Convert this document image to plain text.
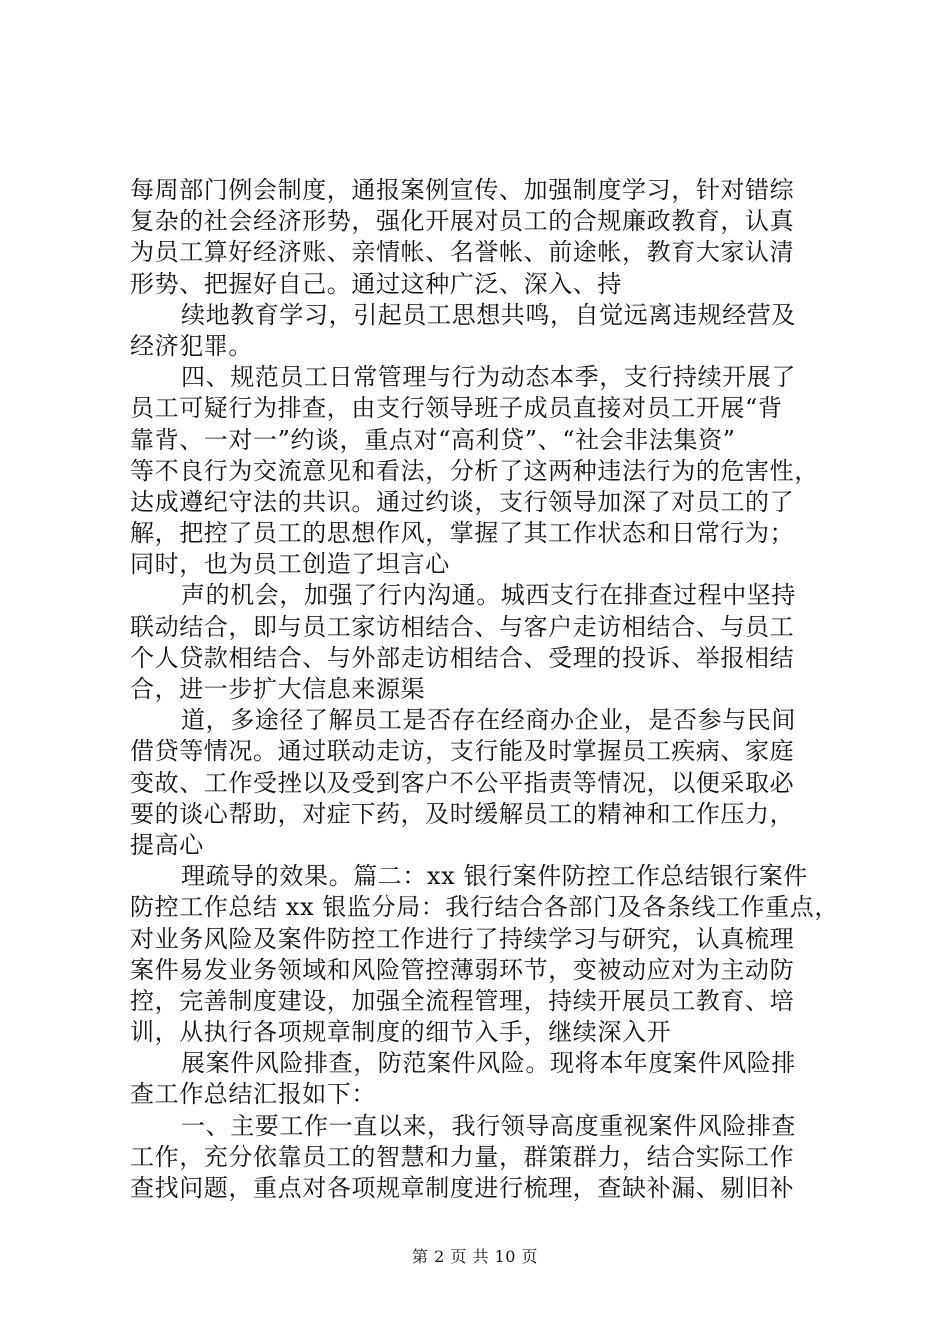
每周部门例会制度，通报案例宣传、加强制度学习，针对错综
复杂的社会经济形势，强化开展对员工的合规廉政教育，认真
为员工算好经济账、亲情帐、名誉帐、前途帐，教育大家认清
形势、把握好自己。通过这种广泛、深入、持
续地教育学习，引起员工思想共鸣，自觉远离违规经营及
经济犯罪。
四、规范员工日常管理与行为动态本季，支行持续开展了
员工可疑行为排查，由支行领导班子成员直接对员工开展“背
靠背、一对一”约谈，重点对“高利贷”、“社会非法集资”
等不良行为交流意见和看法，分析了这两种违法行为的危害性，
达成遵纪守法的共识。通过约谈，支行领导加深了对员工的了
解，把控了员工的思想作风，掌握了其工作状态和日常行为；
同时，也为员工创造了坦言心
声的机会，加强了行内沟通。城西支行在排查过程中坚持
联动结合，即与员工家访相结合、与客户走访相结合、与员工
个人贷款相结合、与外部走访相结合、受理的投诉、举报相结
合，进一步扩大信息来源渠
道，多途径了解员工是否存在经商办企业，是否参与民间
借贷等情况。通过联动走访，支行能及时掌握员工疾病、家庭
变故、工作受挫以及受到客户不公平指责等情况，以便采取必
要的谈心帮助，对症下药，及时缓解员工的精神和工作压力，
提高心
理疏导的效果。篇二：xx 银行案件防控工作总结银行案件
防控工作总结 xx 银监分局：我行结合各部门及各条线工作重点，
对业务风险及案件防控工作进行了持续学习与研究，认真梳理
案件易发业务领域和风险管控薄弱环节，变被动应对为主动防
控，完善制度建设，加强全流程管理，持续开展员工教育、培
训，从执行各项规章制度的细节入手，继续深入开
展案件风险排查，防范案件风险。现将本年度案件风险排
查工作总结汇报如下：
一、主要工作一直以来，我行领导高度重视案件风险排查
工作，充分依靠员工的智慧和力量，群策群力，结合实际工作
查找问题，重点对各项规章制度进行梳理，查缺补漏、剔旧补
第 2 页 共 10 页
